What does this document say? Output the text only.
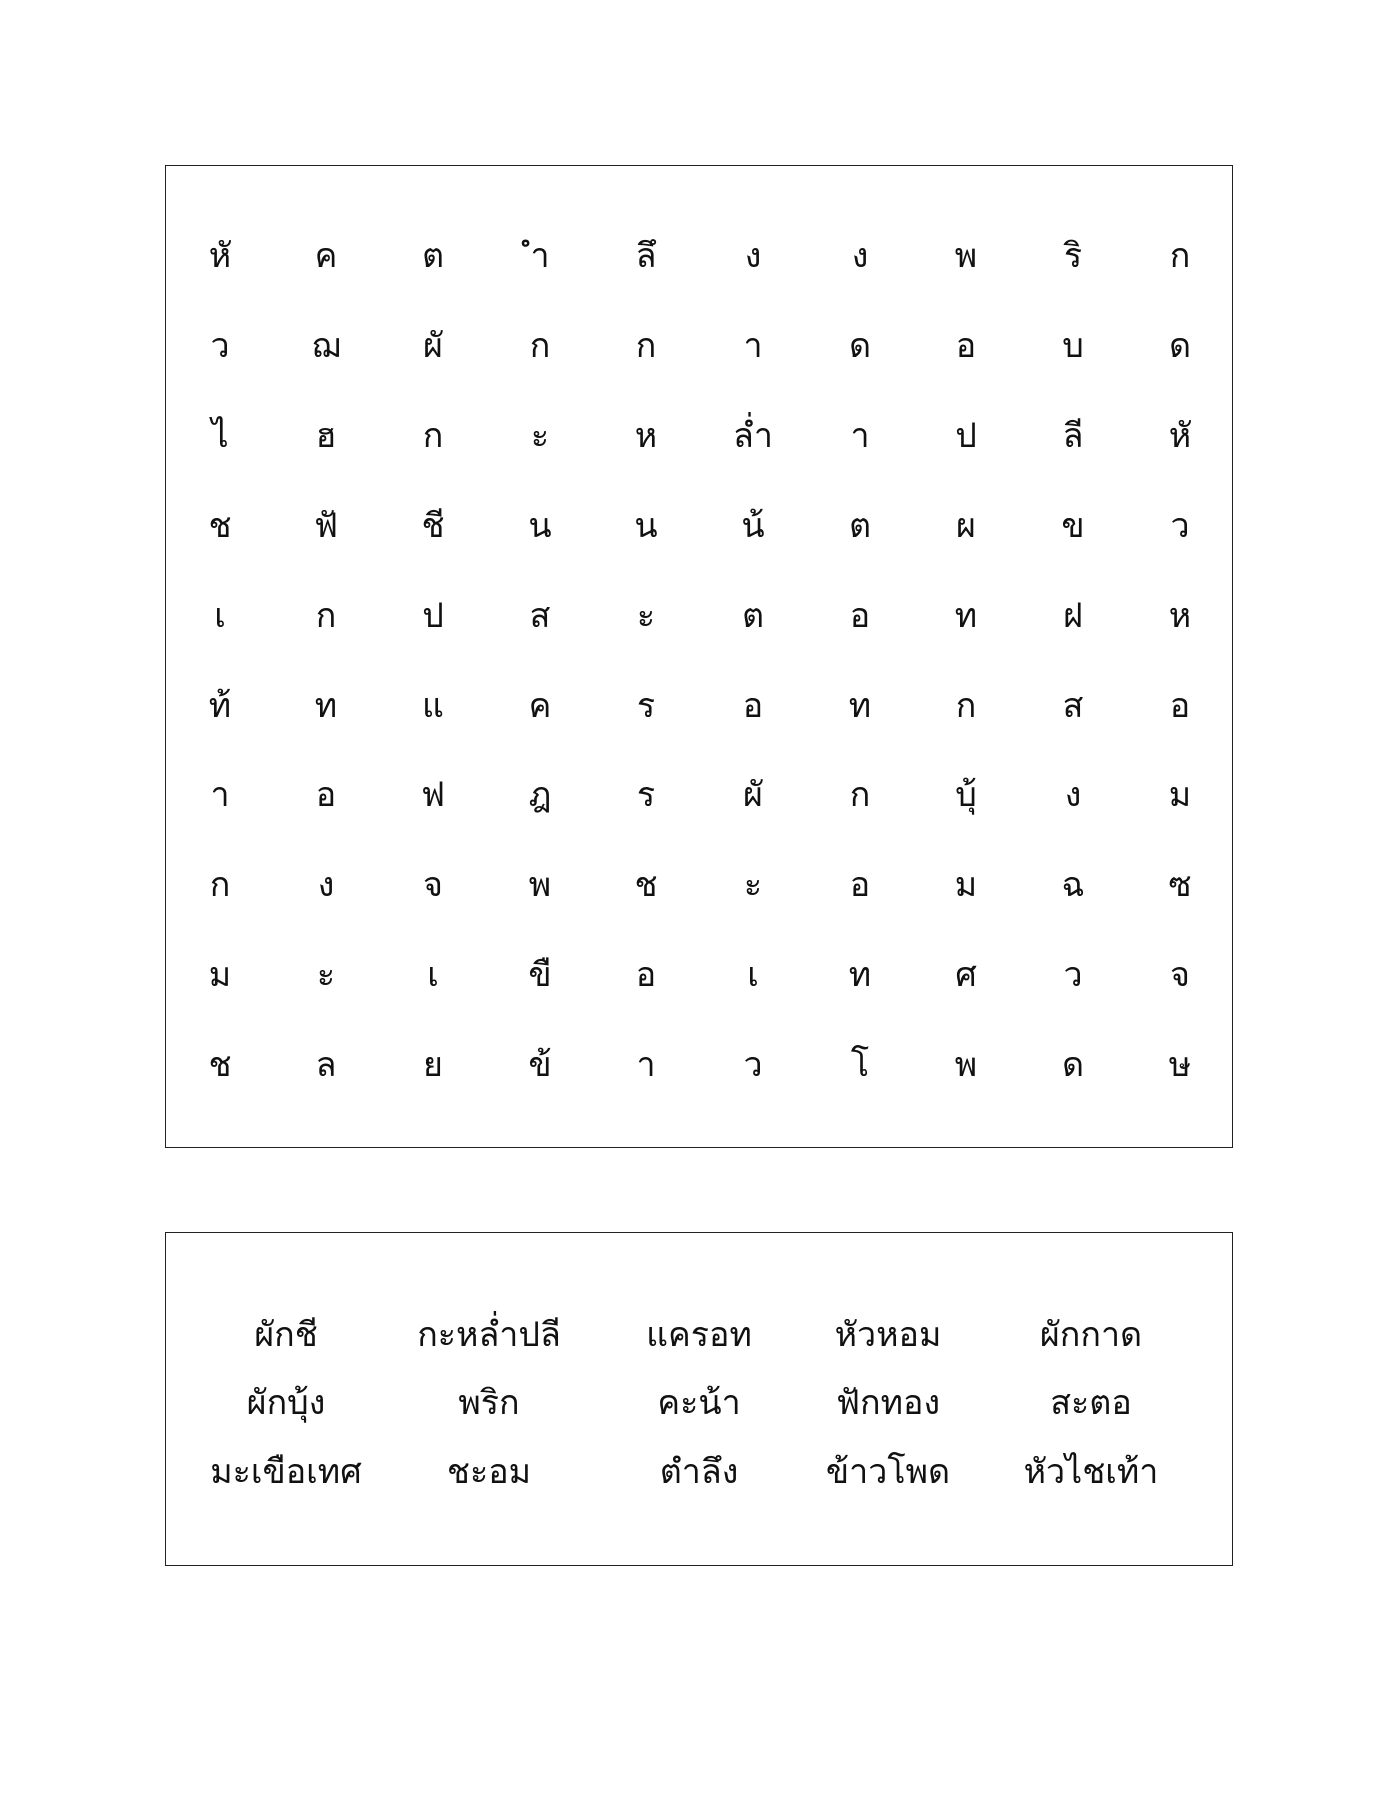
หั	ค	ต	ำ	ลึ	ง	ง	พ	ริ	ก
ว	ฌ	ผั	ก	ก	า	ด	อ	บ	ด
ไ	ฮ	ก	ะ	ห	ล่ำ	า	ป	ลี	หั
ช	ฟั	ชี	น	น	น้	ต	ผ	ข	ว
เ	ก	ป	ส	ะ	ต	อ	ท	ฝ	ห
ท้	ท	แ	ค	ร	อ	ท	ก	ส	อ
า	อ	ฟ	ฎ	ร	ผั	ก	บุ้	ง	ม
ก	ง	จ	พ	ช	ะ	อ	ม	ฉ	ซ
ม	ะ	เ	ขื	อ	เ	ท	ศ	ว	จ
ช	ล	ย	ข้	า	ว	โ	พ	ด	ษ
ผักชี	กะหล่ำปลี	แครอท	หัวหอม	ผักกาด
ผักบุ้ง	พริก	คะน้า	ฟักทอง	สะตอ
มะเขือเทศ	ชะอม	ตำลึง	ข้าวโพด	หัวไชเท้า
